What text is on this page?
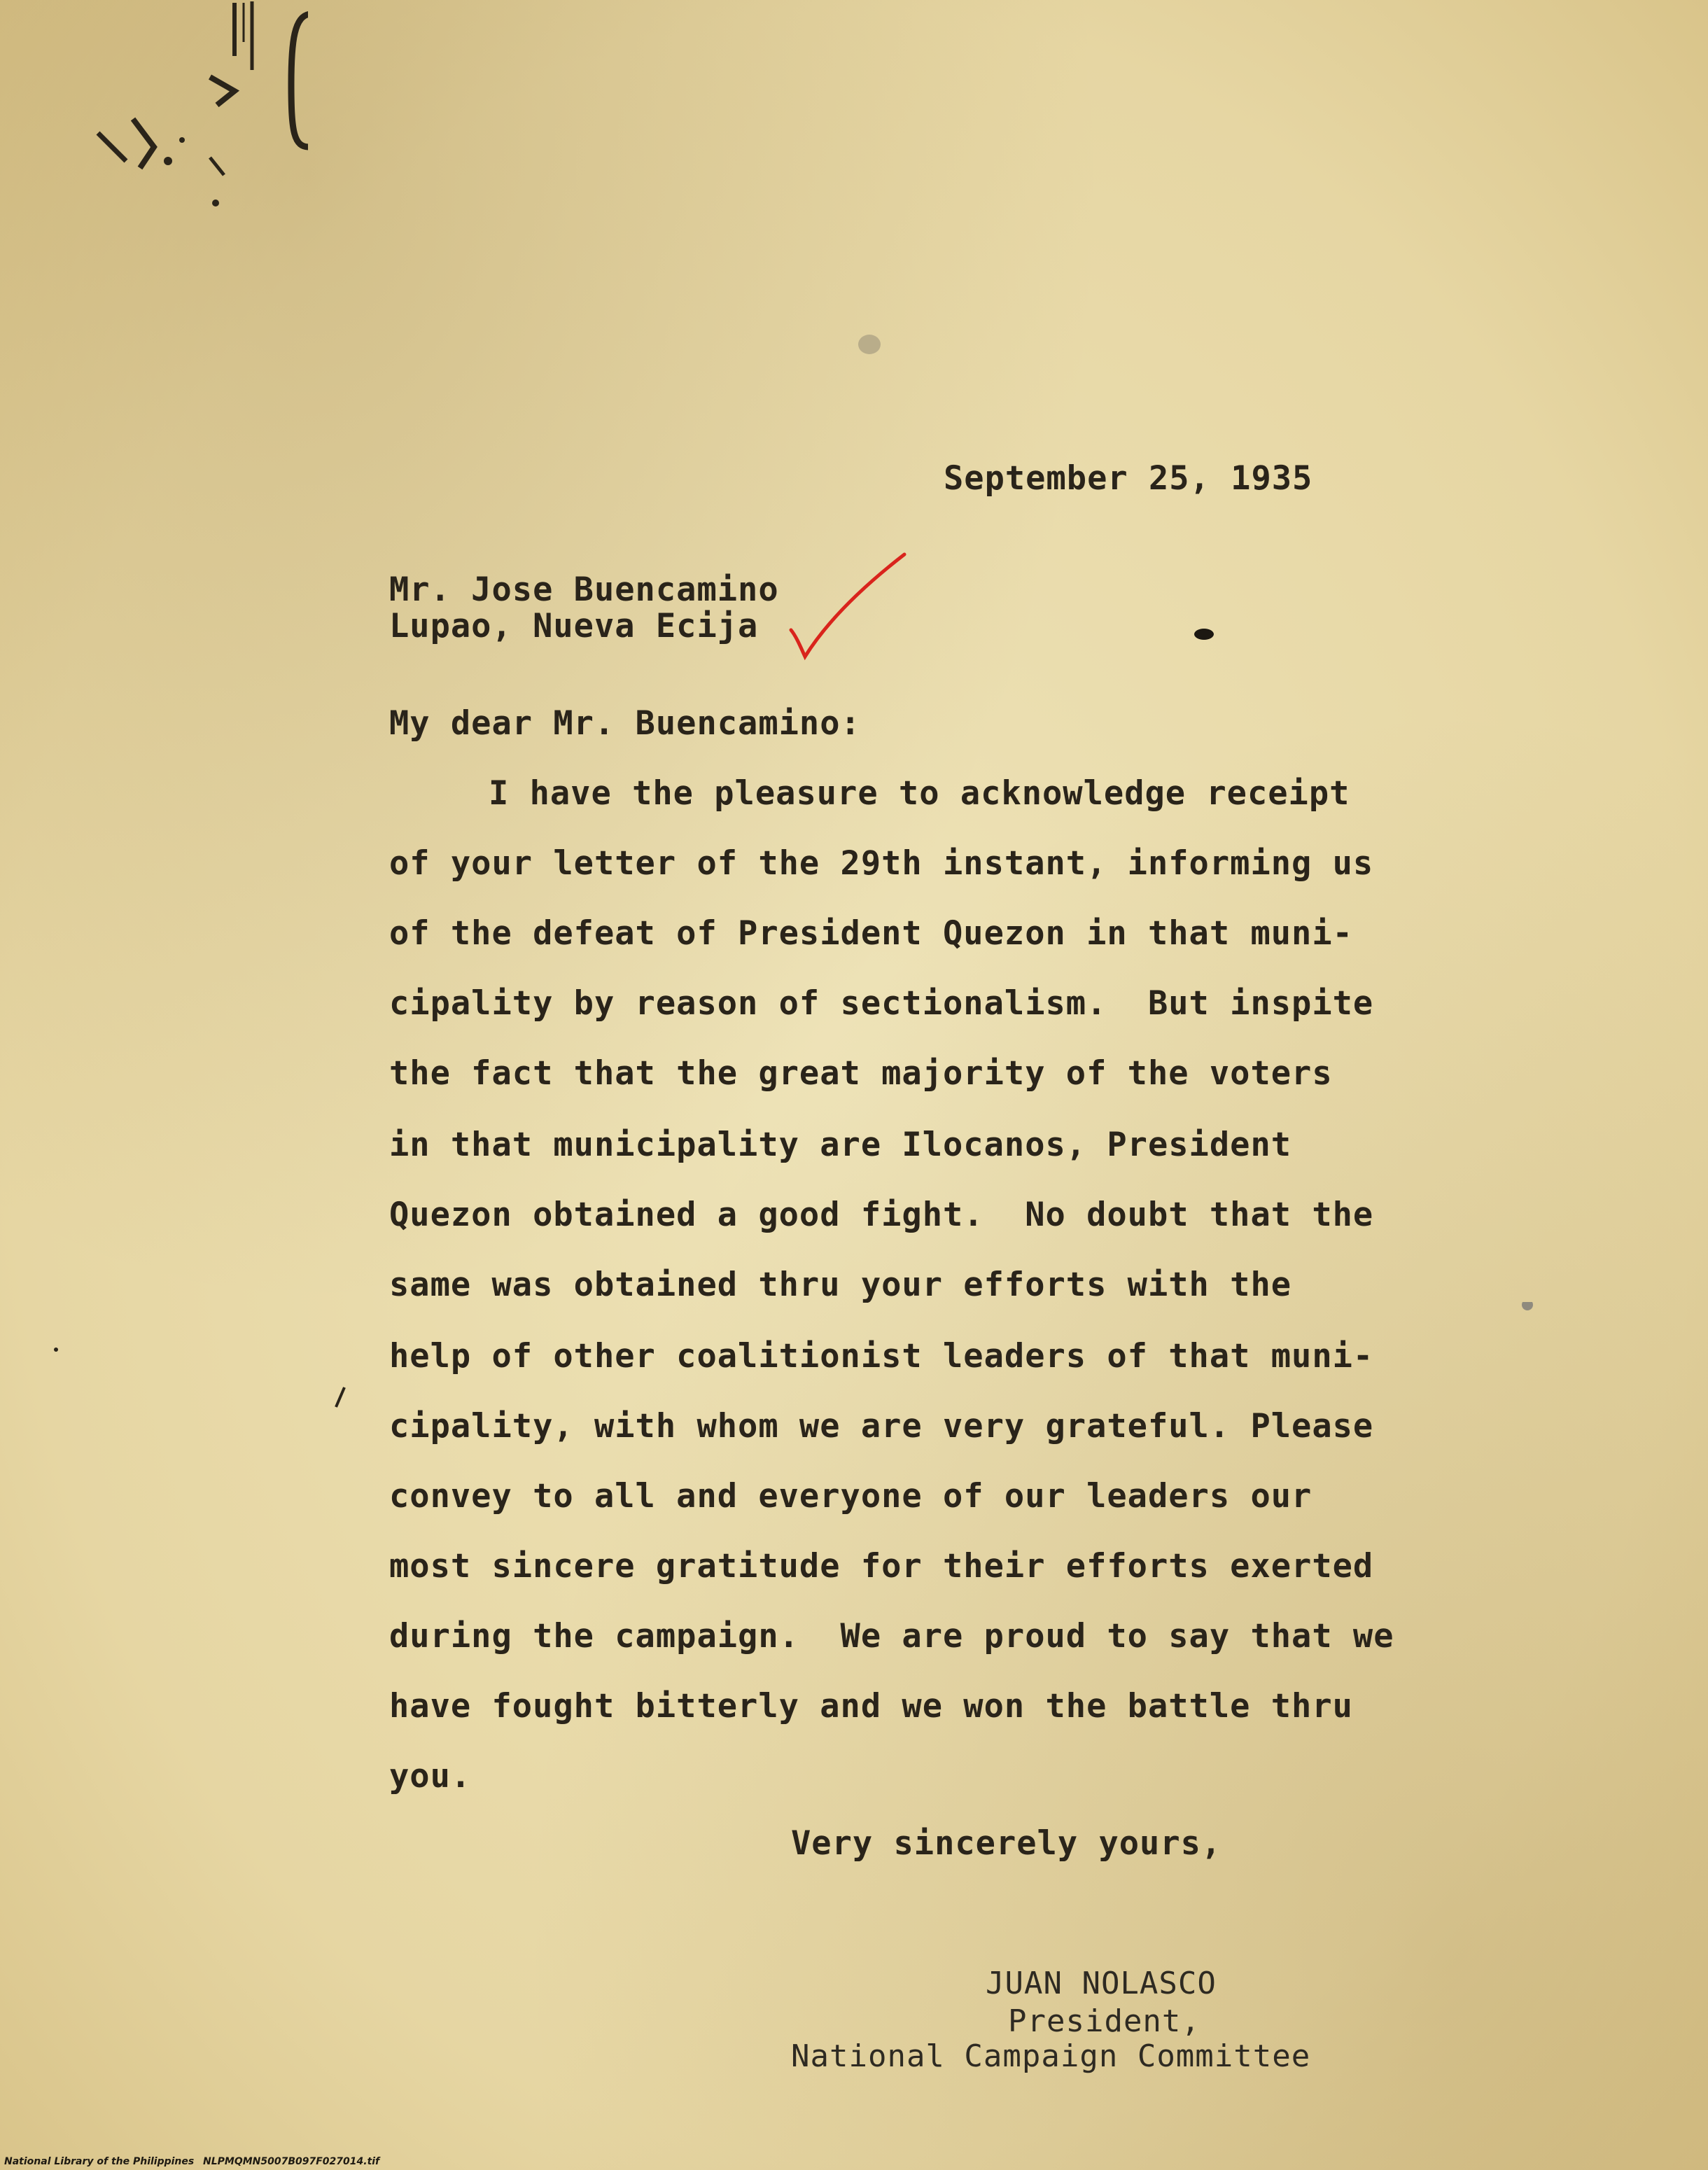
September 25, 1935
Mr. Jose Buencamino
Lupao, Nueva Ecija
My dear Mr. Buencamino:
I have the pleasure to acknowledge receipt
of your letter of the 29th instant, informing us
of the defeat of President Quezon in that muni-
cipality by reason of sectionalism.  But inspite
the fact that the great majority of the voters
in that municipality are Ilocanos, President
Quezon obtained a good fight.  No doubt that the
same was obtained thru your efforts with the
help of other coalitionist leaders of that muni-
cipality, with whom we are very grateful. Please
convey to all and everyone of our leaders our
most sincere gratitude for their efforts exerted
during the campaign.  We are proud to say that we
have fought bitterly and we won the battle thru
you.
Very sincerely yours,
JUAN NOLASCO
President,
National Campaign Committee
National Library of the Philippines NLPMQMN5007B097F027014.tif
